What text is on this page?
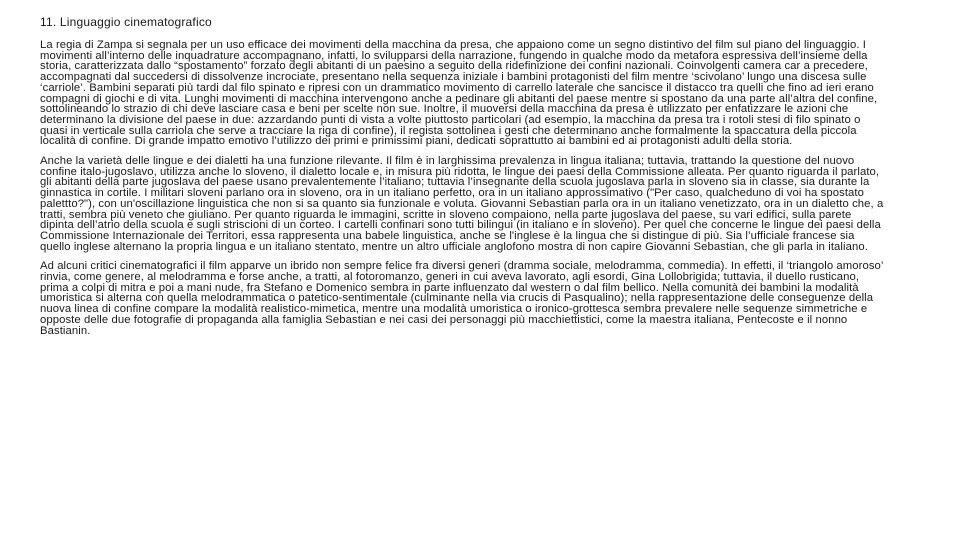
11. Linguaggio cinematografico

La regia di Zampa si segnala per un uso efficace dei movimenti della macchina da presa, che appaiono come un segno distintivo del film sul piano del linguaggio. I movimenti all’interno delle inquadrature accompagnano, infatti, lo svilupparsi della narrazione, fungendo in qualche modo da metafora espressiva dell’insieme della storia, caratterizzata dallo “spostamento” forzato degli abitanti di un paesino a seguito della ridefinizione dei confini nazionali. Coinvolgenti camera car a precedere, accompagnati dal succedersi di dissolvenze incrociate, presentano nella sequenza iniziale i bambini protagonisti del film mentre ‘scivolano’ lungo una discesa sulle ‘carriole’. Bambini separati più tardi dal filo spinato e ripresi con un drammatico movimento di carrello laterale che sancisce il distacco tra quelli che fino ad ieri erano compagni di giochi e di vita. Lunghi movimenti di macchina intervengono anche a pedinare gli abitanti del paese mentre si spostano da una parte all’altra del confine, sottolineando lo strazio di chi deve lasciare casa e beni per scelte non sue. Inoltre, il muoversi della macchina da presa è utilizzato per enfatizzare le azioni che determinano la divisione del paese in due: azzardando punti di vista a volte piuttosto particolari (ad esempio, la macchina da presa tra i rotoli stesi di filo spinato o quasi in verticale sulla carriola che serve a tracciare la riga di confine), il regista sottolinea i gesti che determinano anche formalmente la spaccatura della piccola località di confine. Di grande impatto emotivo l’utilizzo dei primi e primissimi piani, dedicati soprattutto ai bambini ed ai protagonisti adulti della storia.

Anche la varietà delle lingue e dei dialetti ha una funzione rilevante. Il film è in larghissima prevalenza in lingua italiana; tuttavia, trattando la questione del nuovo confine italo-jugoslavo, utilizza anche lo sloveno, il dialetto locale e, in misura più ridotta, le lingue dei paesi della Commissione alleata. Per quanto riguarda il parlato, gli abitanti della parte jugoslava del paese usano prevalentemente l’italiano; tuttavia l’insegnante della scuola jugoslava parla in sloveno sia in classe, sia durante la ginnastica in cortile. I militari sloveni parlano ora in sloveno, ora in un italiano perfetto, ora in un italiano approssimativo ("Per caso, qualcheduno di voi ha spostato palettto?"), con un'oscillazione linguistica che non si sa quanto sia funzionale e voluta. Giovanni Sebastian parla ora in un italiano venetizzato, ora in un dialetto che, a tratti, sembra più veneto che giuliano. Per quanto riguarda le immagini, scritte in sloveno compaiono, nella parte jugoslava del paese, su vari edifici, sulla parete dipinta dell’atrio della scuola e sugli striscioni di un corteo. I cartelli confinari sono tutti bilingui (in italiano e in sloveno). Per quel che concerne le lingue dei paesi della Commissione Internazionale dei Territori, essa rappresenta una babele linguistica, anche se l'inglese è la lingua che si distingue di più. Sia l’ufficiale francese sia quello inglese alternano la propria lingua e un italiano stentato, mentre un altro ufficiale anglofono mostra di non capire Giovanni Sebastian, che gli parla in italiano.

Ad alcuni critici cinematografici il film apparve un ibrido non sempre felice fra diversi generi (dramma sociale, melodramma, commedia). In effetti, il ‘triangolo amoroso’ rinvia, come genere, al melodramma e forse anche, a tratti, al fotoromanzo, generi in cui aveva lavorato, agli esordi, Gina Lollobrigida; tuttavia, il duello rusticano, prima a colpi di mitra e poi a mani nude, fra Stefano e Domenico sembra in parte influenzato dal western o dal film bellico. Nella comunità dei bambini la modalità umoristica si alterna con quella melodrammatica o patetico-sentimentale (culminante nella via crucis di Pasqualino); nella rappresentazione delle conseguenze della nuova linea di confine compare la modalità realistico-mimetica, mentre una modalità umoristica o ironico-grottesca sembra prevalere nelle sequenze simmetriche e opposte delle due fotografie di propaganda alla famiglia Sebastian e nei casi dei personaggi più macchiettistici, come la maestra italiana, Pentecoste e il nonno Bastianin.
